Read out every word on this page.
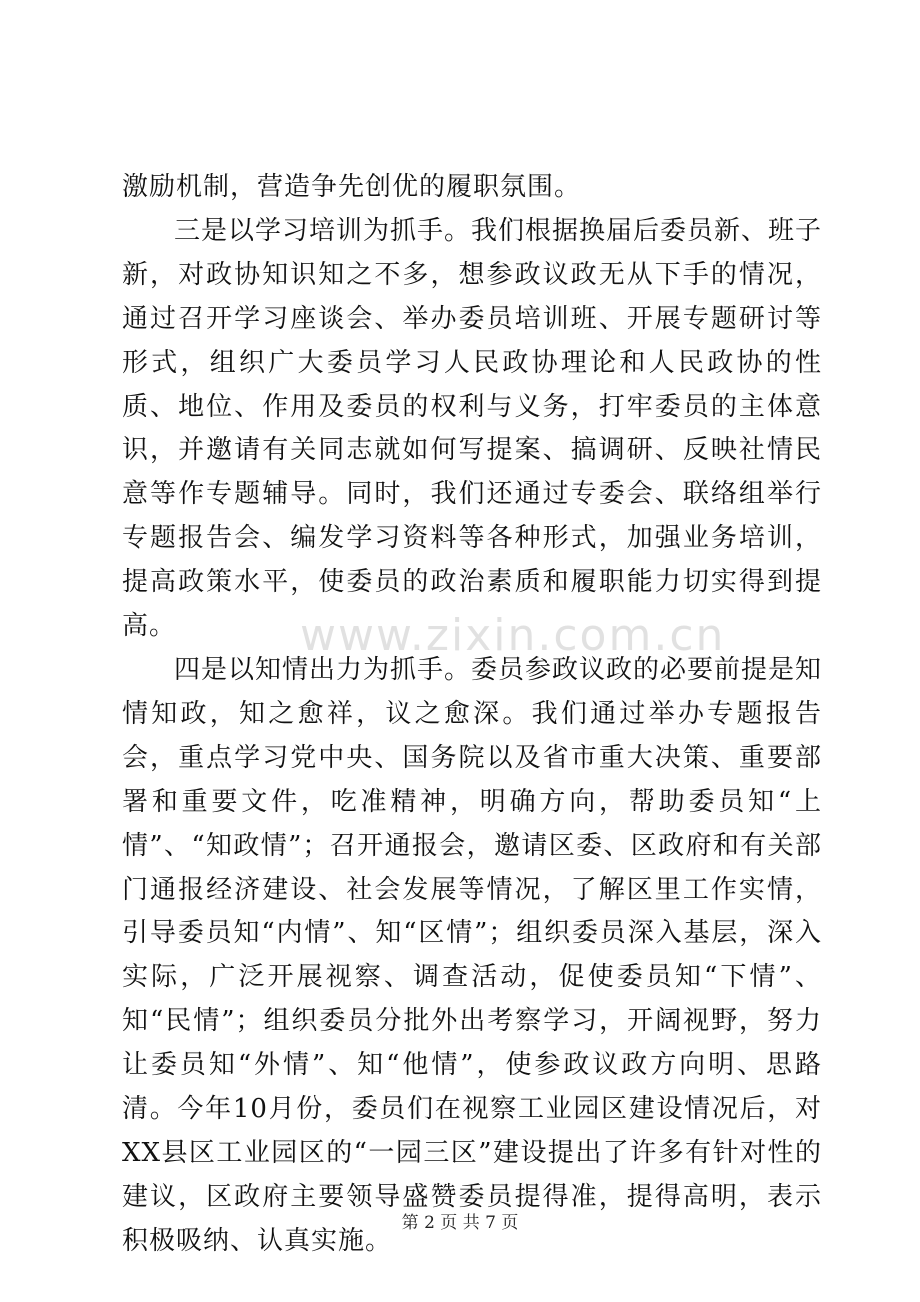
www.zixin.com.cn

激励机制，营造争先创优的履职氛围。

三是以学习培训为抓手。我们根据换届后委员新、班子新，对政协知识知之不多，想参政议政无从下手的情况，通过召开学习座谈会、举办委员培训班、开展专题研讨等形式，组织广大委员学习人民政协理论和人民政协的性质、地位、作用及委员的权利与义务，打牢委员的主体意识，并邀请有关同志就如何写提案、搞调研、反映社情民意等作专题辅导。同时，我们还通过专委会、联络组举行专题报告会、编发学习资料等各种形式，加强业务培训，提高政策水平，使委员的政治素质和履职能力切实得到提高。

四是以知情出力为抓手。委员参政议政的必要前提是知情知政，知之愈祥，议之愈深。我们通过举办专题报告会，重点学习党中央、国务院以及省市重大决策、重要部署和重要文件，吃准精神，明确方向，帮助委员知“上情”、“知政情”；召开通报会，邀请区委、区政府和有关部门通报经济建设、社会发展等情况，了解区里工作实情，引导委员知“内情”、知“区情”；组织委员深入基层，深入实际，广泛开展视察、调查活动，促使委员知“下情”、知“民情”；组织委员分批外出考察学习，开阔视野，努力让委员知“外情”、知“他情”，使参政议政方向明、思路清。今年10月份，委员们在视察工业园区建设情况后，对XX县区工业园区的“一园三区”建设提出了许多有针对性的建议，区政府主要领导盛赞委员提得准，提得高明，表示积极吸纳、认真实施。

第 2 页 共 7 页
